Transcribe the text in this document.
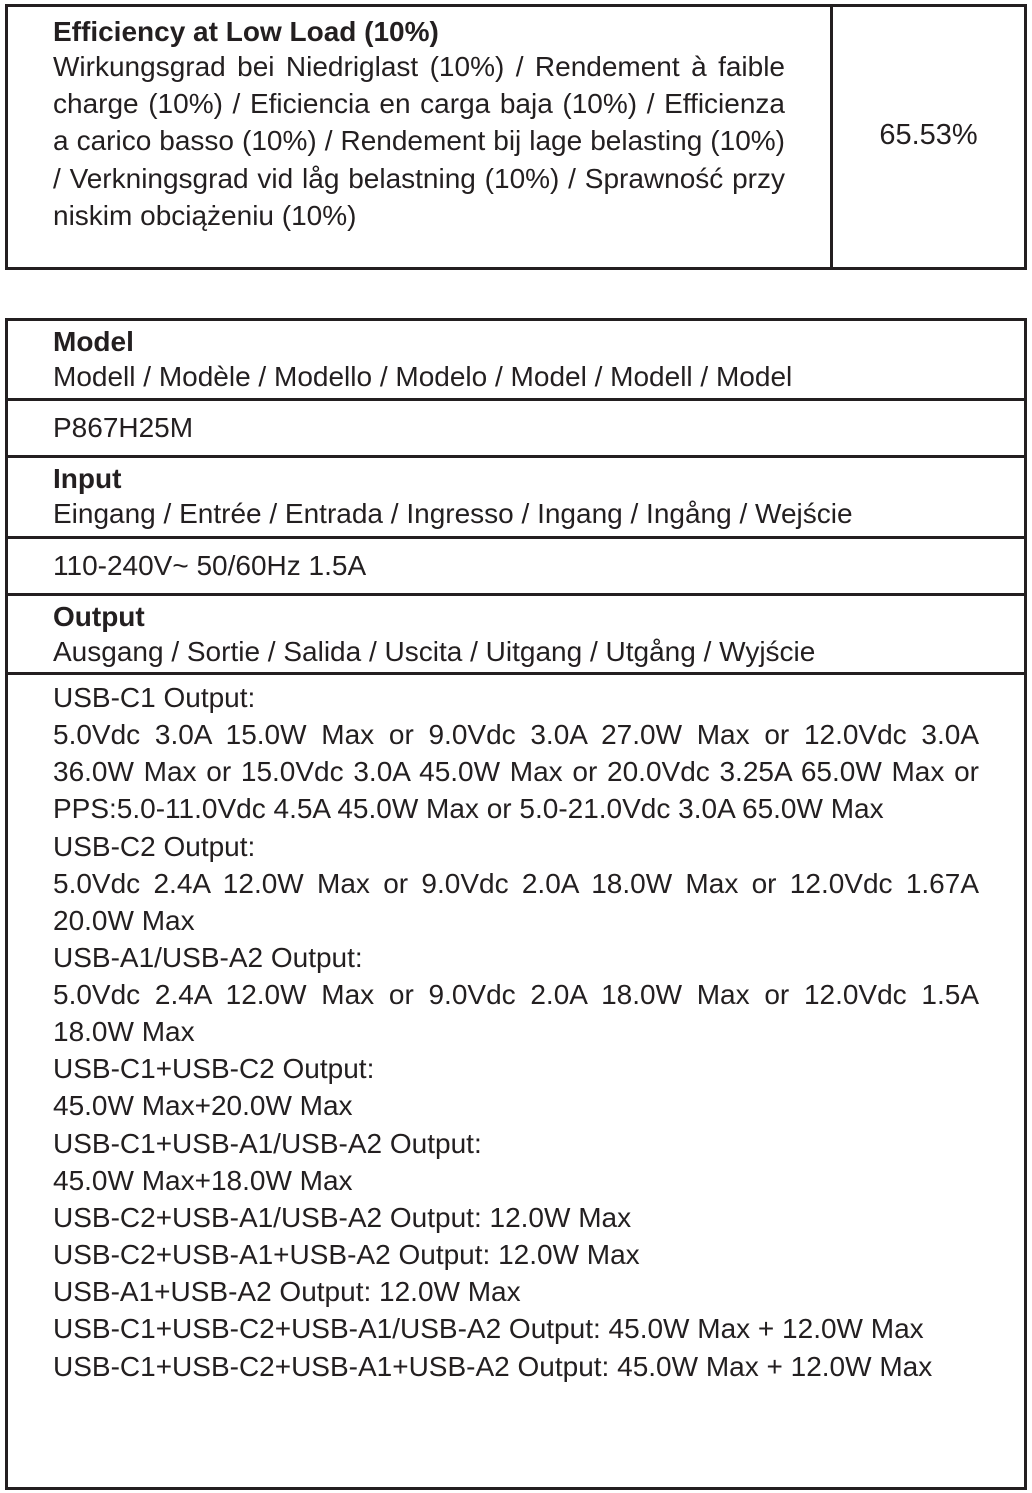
Efficiency at Low Load (10%)
Wirkungsgrad bei Niedriglast (10%) / Rendement à faible charge (10%) / Eficiencia en carga baja (10%) / Efficienza a carico basso (10%) / Rendement bij lage belasting (10%) / Verkningsgrad vid låg belastning (10%) / Sprawność przy niskim obciążeniu (10%)
65.53%
Model
Modell / Modèle / Modello / Modelo / Model / Modell / Model
P867H25M
Input
Eingang / Entrée / Entrada / Ingresso / Ingang / Ingång / Wejście
110-240V~ 50/60Hz 1.5A
Output
Ausgang / Sortie / Salida / Uscita / Uitgang / Utgång / Wyjście
USB-C1 Output:
5.0Vdc 3.0A 15.0W Max or 9.0Vdc 3.0A 27.0W Max or 12.0Vdc 3.0A 36.0W Max or 15.0Vdc 3.0A 45.0W Max or 20.0Vdc 3.25A 65.0W Max or PPS:5.0-11.0Vdc 4.5A 45.0W Max or 5.0-21.0Vdc 3.0A 65.0W Max
USB-C2 Output:
5.0Vdc 2.4A 12.0W Max or 9.0Vdc 2.0A 18.0W Max or 12.0Vdc 1.67A 20.0W Max
USB-A1/USB-A2 Output:
5.0Vdc 2.4A 12.0W Max or 9.0Vdc 2.0A 18.0W Max or 12.0Vdc 1.5A 18.0W Max
USB-C1+USB-C2 Output:
45.0W Max+20.0W Max
USB-C1+USB-A1/USB-A2 Output:
45.0W Max+18.0W Max
USB-C2+USB-A1/USB-A2 Output: 12.0W Max
USB-C2+USB-A1+USB-A2 Output: 12.0W Max
USB-A1+USB-A2 Output: 12.0W Max
USB-C1+USB-C2+USB-A1/USB-A2 Output: 45.0W Max + 12.0W Max
USB-C1+USB-C2+USB-A1+USB-A2 Output: 45.0W Max + 12.0W Max
